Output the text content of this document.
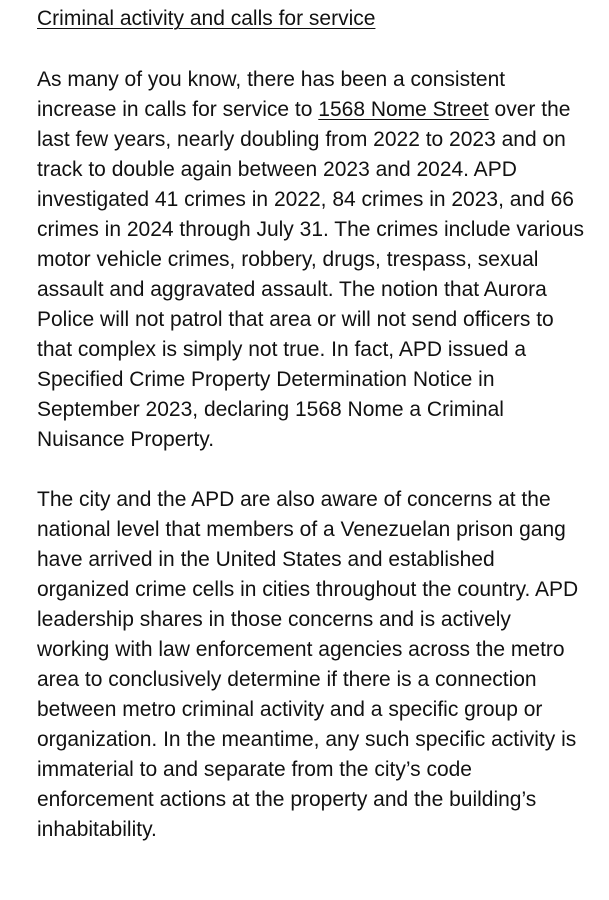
Criminal activity and calls for service

As many of you know, there has been a consistent increase in calls for service to 1568 Nome Street over the last few years, nearly doubling from 2022 to 2023 and on track to double again between 2023 and 2024. APD investigated 41 crimes in 2022, 84 crimes in 2023, and 66 crimes in 2024 through July 31. The crimes include various motor vehicle crimes, robbery, drugs, trespass, sexual assault and aggravated assault. The notion that Aurora Police will not patrol that area or will not send officers to that complex is simply not true. In fact, APD issued a Specified Crime Property Determination Notice in September 2023, declaring 1568 Nome a Criminal Nuisance Property.

The city and the APD are also aware of concerns at the national level that members of a Venezuelan prison gang have arrived in the United States and established organized crime cells in cities throughout the country. APD leadership shares in those concerns and is actively working with law enforcement agencies across the metro area to conclusively determine if there is a connection between metro criminal activity and a specific group or organization. In the meantime, any such specific activity is immaterial to and separate from the city’s code enforcement actions at the property and the building’s inhabitability.
